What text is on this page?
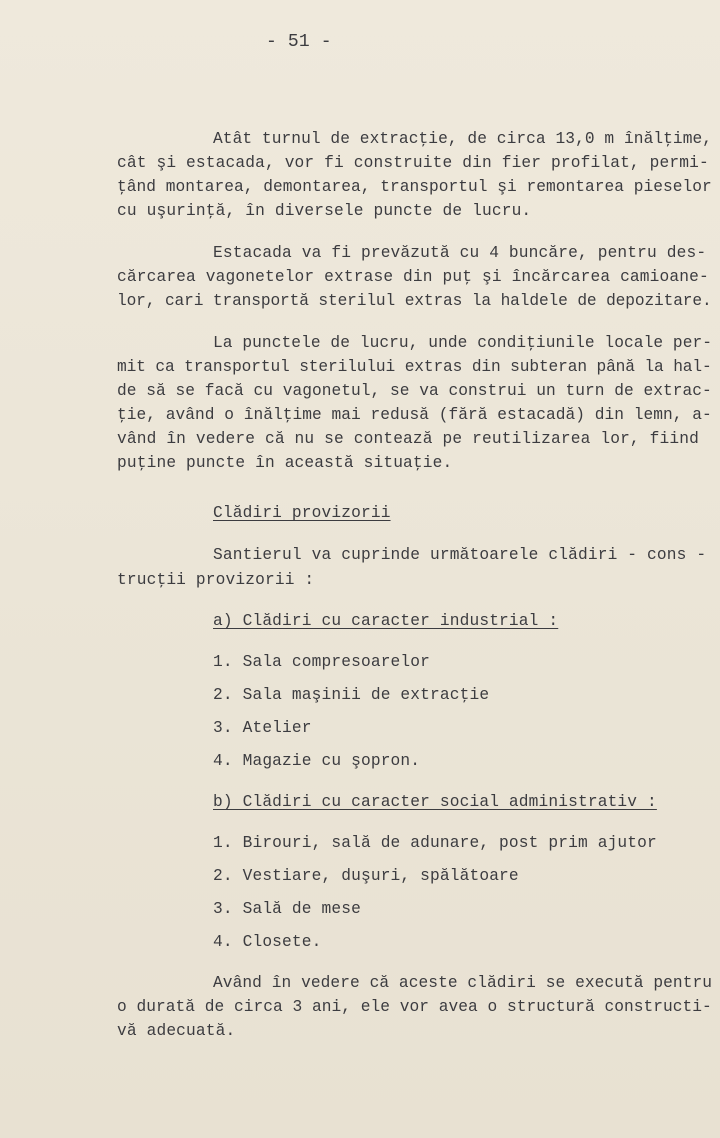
- 51 -
Atât turnul de extracţie, de circa 13,0 m înălţime,
cât şi estacada, vor fi construite din fier profilat, permi-
ţând montarea, demontarea, transportul şi remontarea pieselor
cu uşurinţă, în diversele puncte de lucru.
Estacada va fi prevăzută cu 4 buncăre, pentru des-
cărcarea vagonetelor extrase din puţ şi încărcarea camioane-
lor, cari transportă sterilul extras la haldele de depozitare.
La punctele de lucru, unde condiţiunile locale per-
mit ca transportul sterilului extras din subteran până la hal-
de să se facă cu vagonetul, se va construi un turn de extrac-
ţie, având o înălţime mai redusă (fără estacadă) din lemn, a-
vând în vedere că nu se contează pe reutilizarea lor, fiind
puţine puncte în această situaţie.
Clădiri provizorii
Santierul va cuprinde următoarele clădiri - cons -
trucţii provizorii :
a) Clădiri cu caracter industrial :
1. Sala compresoarelor
2. Sala maşinii de extracţie
3. Atelier
4. Magazie cu şopron.
b) Clădiri cu caracter social administrativ :
1. Birouri, sală de adunare, post prim ajutor
2. Vestiare, duşuri, spălătoare
3. Sală de mese
4. Closete.
Având în vedere că aceste clădiri se execută pentru
o durată de circa 3 ani, ele vor avea o structură constructi-
vă adecuată.
